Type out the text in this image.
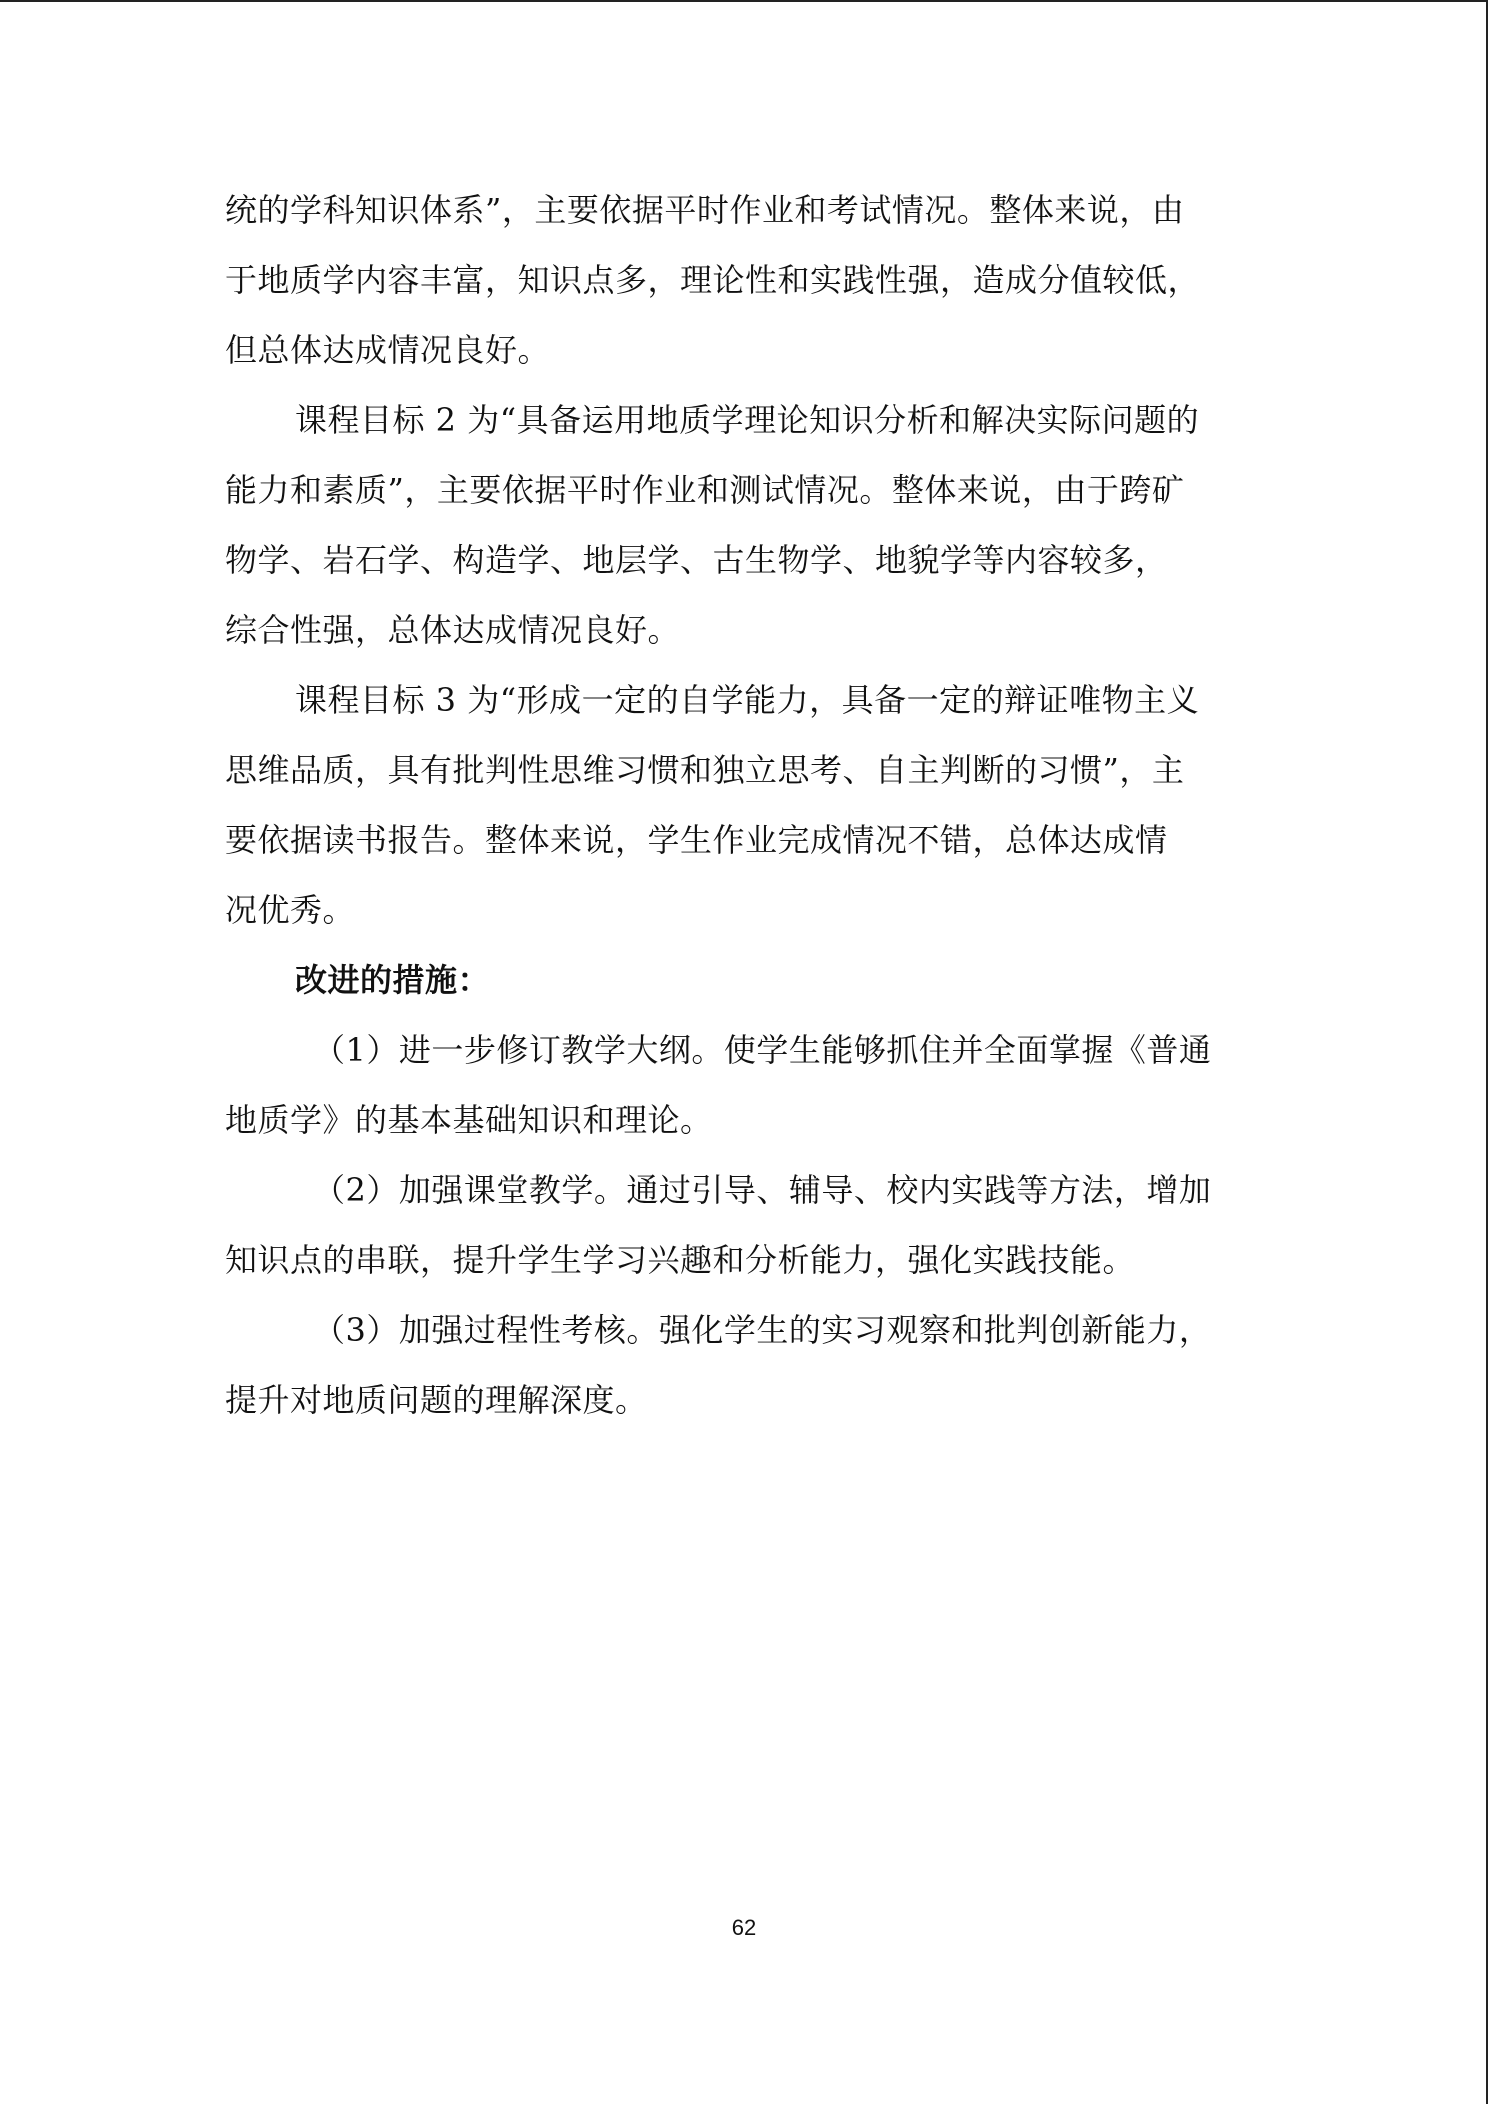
统的学科知识体系”，主要依据平时作业和考试情况。整体来说，由
于地质学内容丰富，知识点多，理论性和实践性强，造成分值较低，
但总体达成情况良好。
课程目标 2 为“具备运用地质学理论知识分析和解决实际问题的
能力和素质”，主要依据平时作业和测试情况。整体来说，由于跨矿
物学、岩石学、构造学、地层学、古生物学、地貌学等内容较多，
综合性强，总体达成情况良好。
课程目标 3 为“形成一定的自学能力，具备一定的辩证唯物主义
思维品质，具有批判性思维习惯和独立思考、自主判断的习惯”，主
要依据读书报告。整体来说，学生作业完成情况不错，总体达成情
况优秀。
改进的措施：
（1）进一步修订教学大纲。使学生能够抓住并全面掌握《普通
地质学》的基本基础知识和理论。
（2）加强课堂教学。通过引导、辅导、校内实践等方法，增加
知识点的串联，提升学生学习兴趣和分析能力，强化实践技能。
（3）加强过程性考核。强化学生的实习观察和批判创新能力，
提升对地质问题的理解深度。
62
